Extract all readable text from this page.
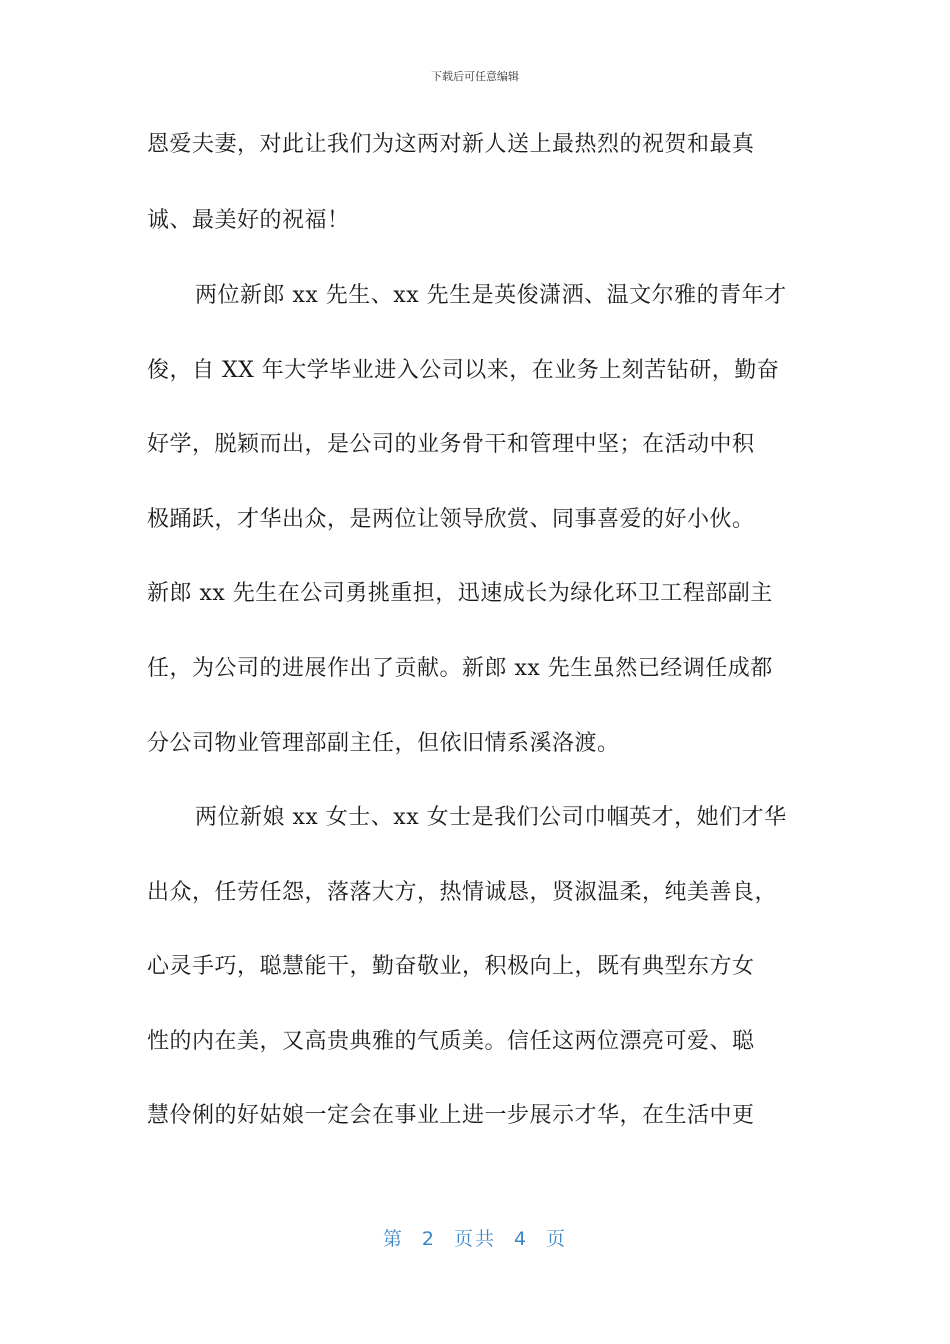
下载后可任意编辑
恩爱夫妻，对此让我们为这两对新人送上最热烈的祝贺和最真
诚、最美好的祝福！
两位新郎 xx 先生、xx 先生是英俊潇洒、温文尔雅的青年才
俊，自 XX 年大学毕业进入公司以来，在业务上刻苦钻研，勤奋
好学，脱颖而出，是公司的业务骨干和管理中坚；在活动中积
极踊跃，才华出众，是两位让领导欣赏、同事喜爱的好小伙。
新郎 xx 先生在公司勇挑重担，迅速成长为绿化环卫工程部副主
任，为公司的进展作出了贡献。新郎 xx 先生虽然已经调任成都
分公司物业管理部副主任，但依旧情系溪洛渡。
两位新娘 xx 女士、xx 女士是我们公司巾帼英才，她们才华
出众，任劳任怨，落落大方，热情诚恳，贤淑温柔，纯美善良，
心灵手巧，聪慧能干，勤奋敬业，积极向上，既有典型东方女
性的内在美，又高贵典雅的气质美。信任这两位漂亮可爱、聪
慧伶俐的好姑娘一定会在事业上进一步展示才华，在生活中更
第 2 页共 4 页
